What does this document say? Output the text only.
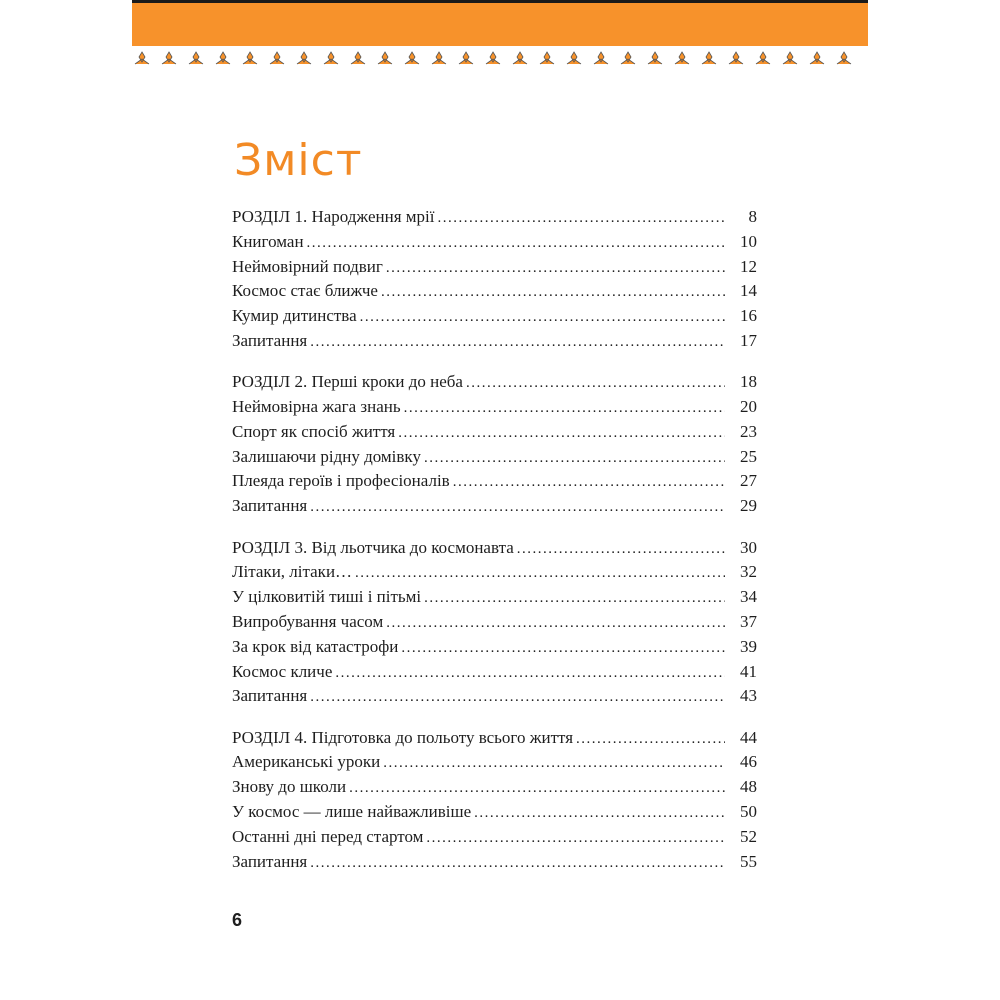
Зміст
РОЗДІЛ 1. Народження мрії .....	8
Книгоман .....	10
Неймовірний подвиг .....	12
Космос стає ближче .....	14
Кумир дитинства .....	16
Запитання .....	17
РОЗДІЛ 2. Перші кроки до неба .....	18
Неймовірна жага знань .....	20
Спорт як спосіб життя .....	23
Залишаючи рідну домівку .....	25
Плеяда героїв і професіоналів .....	27
Запитання .....	29
РОЗДІЛ 3. Від льотчика до космонавта .....	30
Літаки, літаки… .....	32
У цілковитій тиші і пітьмі .....	34
Випробування часом .....	37
За крок від катастрофи .....	39
Космос кличе .....	41
Запитання .....	43
РОЗДІЛ 4. Підготовка до польоту всього життя .....	44
Американські уроки .....	46
Знову до школи .....	48
У космос — лише найважливіше .....	50
Останні дні перед стартом .....	52
Запитання .....	55
6
